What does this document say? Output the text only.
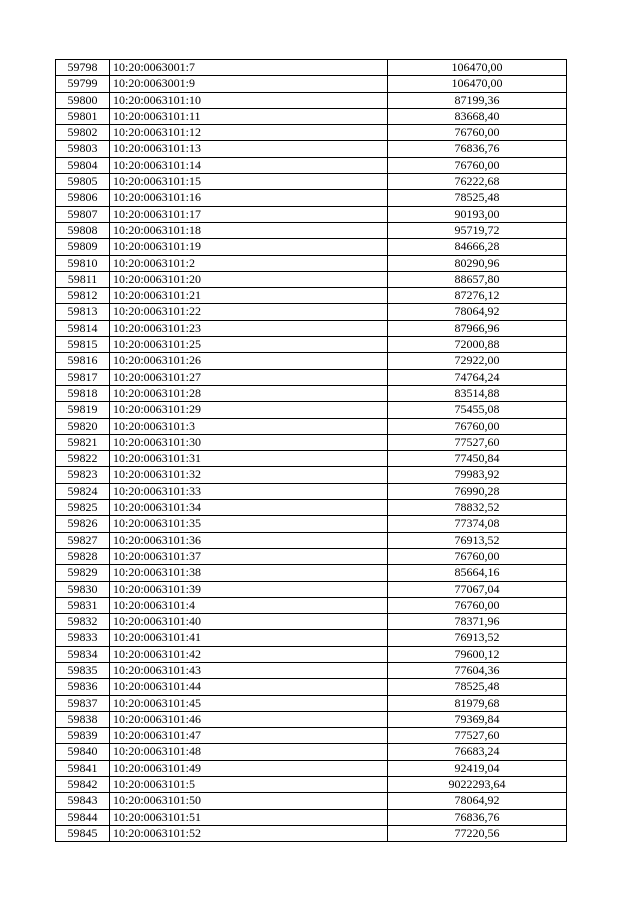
59798	10:20:0063001:7	106470,00
59799	10:20:0063001:9	106470,00
59800	10:20:0063101:10	87199,36
59801	10:20:0063101:11	83668,40
59802	10:20:0063101:12	76760,00
59803	10:20:0063101:13	76836,76
59804	10:20:0063101:14	76760,00
59805	10:20:0063101:15	76222,68
59806	10:20:0063101:16	78525,48
59807	10:20:0063101:17	90193,00
59808	10:20:0063101:18	95719,72
59809	10:20:0063101:19	84666,28
59810	10:20:0063101:2	80290,96
59811	10:20:0063101:20	88657,80
59812	10:20:0063101:21	87276,12
59813	10:20:0063101:22	78064,92
59814	10:20:0063101:23	87966,96
59815	10:20:0063101:25	72000,88
59816	10:20:0063101:26	72922,00
59817	10:20:0063101:27	74764,24
59818	10:20:0063101:28	83514,88
59819	10:20:0063101:29	75455,08
59820	10:20:0063101:3	76760,00
59821	10:20:0063101:30	77527,60
59822	10:20:0063101:31	77450,84
59823	10:20:0063101:32	79983,92
59824	10:20:0063101:33	76990,28
59825	10:20:0063101:34	78832,52
59826	10:20:0063101:35	77374,08
59827	10:20:0063101:36	76913,52
59828	10:20:0063101:37	76760,00
59829	10:20:0063101:38	85664,16
59830	10:20:0063101:39	77067,04
59831	10:20:0063101:4	76760,00
59832	10:20:0063101:40	78371,96
59833	10:20:0063101:41	76913,52
59834	10:20:0063101:42	79600,12
59835	10:20:0063101:43	77604,36
59836	10:20:0063101:44	78525,48
59837	10:20:0063101:45	81979,68
59838	10:20:0063101:46	79369,84
59839	10:20:0063101:47	77527,60
59840	10:20:0063101:48	76683,24
59841	10:20:0063101:49	92419,04
59842	10:20:0063101:5	9022293,64
59843	10:20:0063101:50	78064,92
59844	10:20:0063101:51	76836,76
59845	10:20:0063101:52	77220,56
